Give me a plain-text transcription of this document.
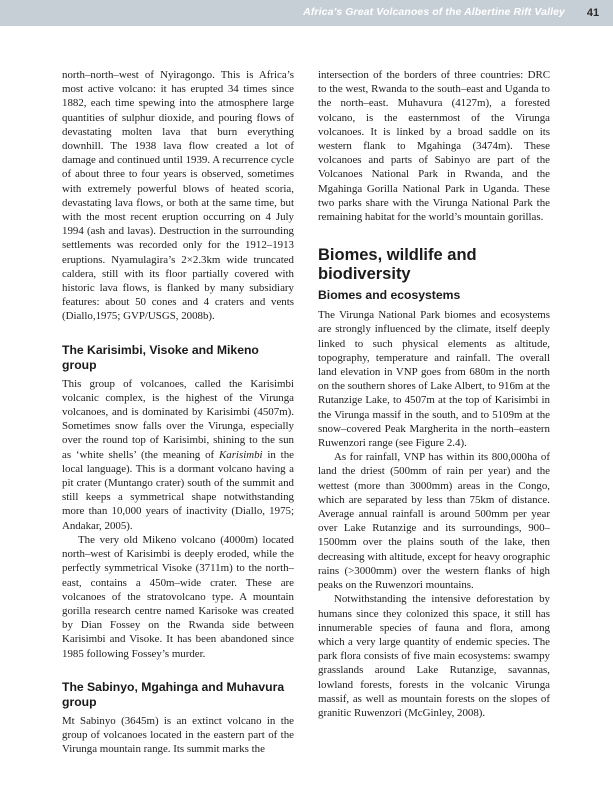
Africa’s Great Volcanoes of the Albertine Rift Valley	41

north–north–west of Nyiragongo. This is Africa’s most active volcano: it has erupted 34 times since 1882, each time spewing into the atmosphere large quantities of sulphur dioxide, and pouring flows of devastating molten lava that burn everything downhill. The 1938 lava flow created a lot of damage and continued until 1939. A recurrence cycle of about three to four years is observed, sometimes with extremely powerful blows of heated scoria, devastating lava flows, or both at the same time, but with the most recent eruption occurring on 4 July 1994 (ash and lavas). Destruction in the surrounding settlements was recorded only for the 1912–1913 eruptions. Nyamulagira’s 2×2.3km wide truncated caldera, still with its floor partially covered with historic lava flows, is flanked by many subsidiary features: about 50 cones and 4 craters and vents (Diallo,1975; GVP/USGS, 2008b).

The Karisimbi, Visoke and Mikeno group

This group of volcanoes, called the Karisimbi volcanic complex, is the highest of the Virunga volcanoes, and is dominated by Karisimbi (4507m). Sometimes snow falls over the Virunga, especially over the round top of Karisimbi, shining to the sun as ‘white shells’ (the meaning of Karisimbi in the local language). This is a dormant volcano having a pit crater (Muntango crater) south of the summit and still keeps a symmetrical shape notwithstanding more than 10,000 years of inactivity (Diallo, 1975; Andakar, 2005).

The very old Mikeno volcano (4000m) located north–west of Karisimbi is deeply eroded, while the perfectly symmetrical Visoke (3711m) to the north–east, contains a 450m–wide crater. These are volcanoes of the stratovolcano type. A mountain gorilla research centre named Karisoke was created by Dian Fossey on the Rwanda side between Karisimbi and Visoke. It has been abandoned since 1985 following Fossey’s murder.

The Sabinyo, Mgahinga and Muhavura group

Mt Sabinyo (3645m) is an extinct volcano in the group of volcanoes located in the eastern part of the Virunga mountain range. Its summit marks the

intersection of the borders of three countries: DRC to the west, Rwanda to the south–east and Uganda to the north–east. Muhavura (4127m), a forested volcano, is the easternmost of the Virunga volcanoes. It is linked by a broad saddle on its western flank to Mgahinga (3474m). These volcanoes and parts of Sabinyo are part of the Volcanoes National Park in Rwanda, and the Mgahinga Gorilla National Park in Uganda. These two parks share with the Virunga National Park the remaining habitat for the world’s mountain gorillas.

Biomes, wildlife and biodiversity
Biomes and ecosystems

The Virunga National Park biomes and ecosystems are strongly influenced by the climate, itself deeply linked to such physical elements as altitude, topography, temperature and rainfall. The overall land elevation in VNP goes from 680m in the north on the southern shores of Lake Albert, to 916m at the Rutanzige Lake, to 4507m at the top of Karisimbi in the Virunga massif in the south, and to 5109m at the snow–covered Peak Margherita in the north–eastern Ruwenzori range (see Figure 2.4).

As for rainfall, VNP has within its 800,000ha of land the driest (500mm of rain per year) and the wettest (more than 3000mm) areas in the Congo, which are separated by less than 75km of distance. Average annual rainfall is around 500mm per year over Lake Rutanzige and its surroundings, 900–1500mm over the plains south of the lake, then decreasing with altitude, except for heavy orographic rains (>3000mm) over the western flanks of high peaks on the Ruwenzori mountains.

Notwithstanding the intensive deforestation by humans since they colonized this space, it still has innumerable species of fauna and flora, among which a very large quantity of endemic species. The park flora consists of five main ecosystems: swampy grasslands around Lake Rutanzige, savannas, lowland forests, forests in the volcanic Virunga massif, as well as mountain forests on the slopes of granitic Ruwenzori (McGinley, 2008).
